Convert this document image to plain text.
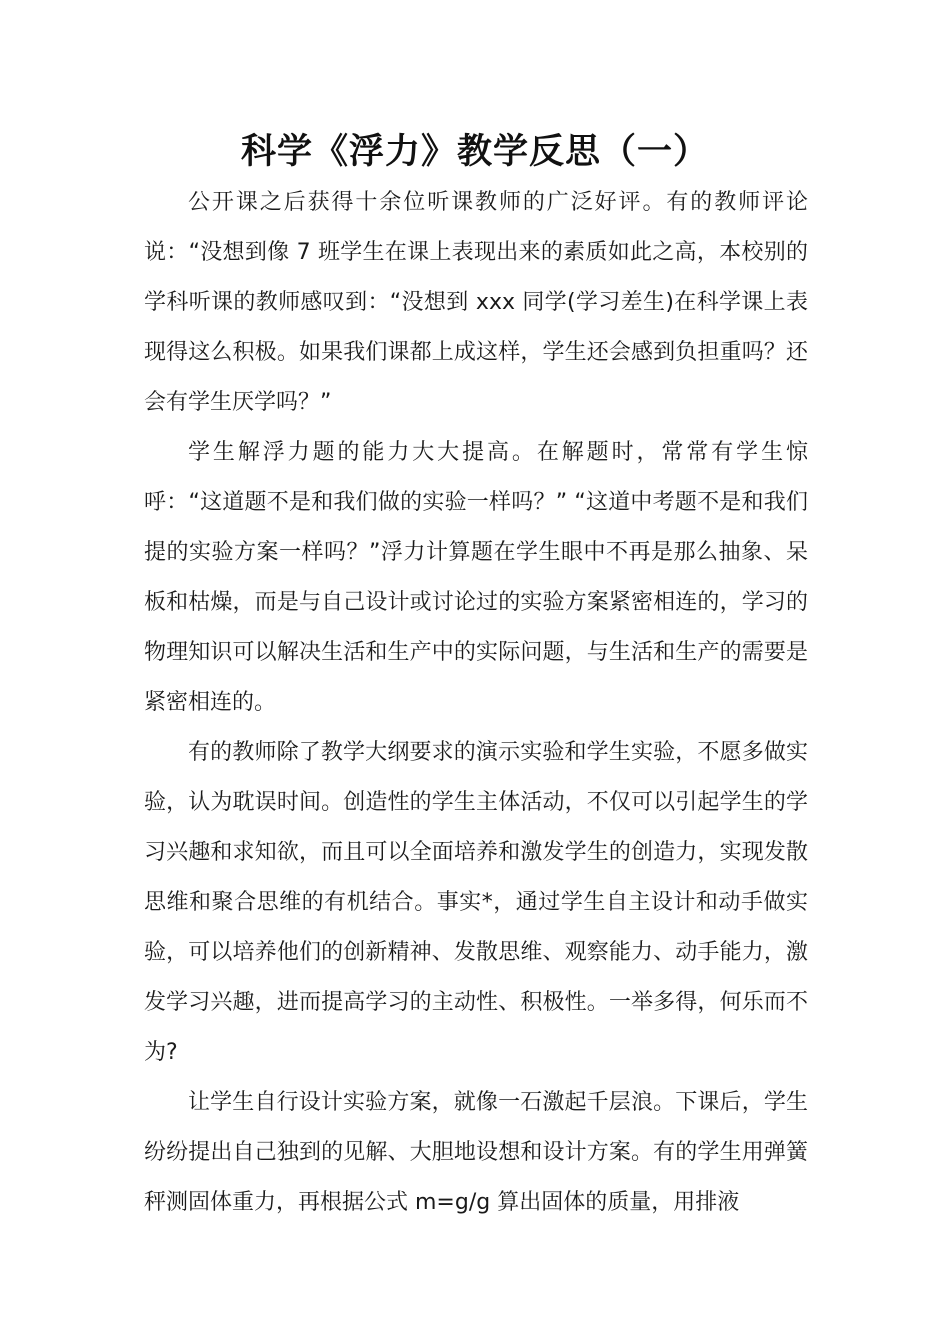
科学《浮力》教学反思（一）

公开课之后获得十余位听课教师的广泛好评。有的教师评论说：“没想到像 7 班学生在课上表现出来的素质如此之高，本校别的学科听课的教师感叹到：“没想到 xxx 同学(学习差生)在科学课上表现得这么积极。如果我们课都上成这样，学生还会感到负担重吗？还会有学生厌学吗？”

学生解浮力题的能力大大提高。在解题时，常常有学生惊呼：“这道题不是和我们做的实验一样吗？” “这道中考题不是和我们提的实验方案一样吗？”浮力计算题在学生眼中不再是那么抽象、呆板和枯燥，而是与自己设计或讨论过的实验方案紧密相连的，学习的物理知识可以解决生活和生产中的实际问题，与生活和生产的需要是紧密相连的。

有的教师除了教学大纲要求的演示实验和学生实验，不愿多做实验，认为耽误时间。创造性的学生主体活动，不仅可以引起学生的学习兴趣和求知欲，而且可以全面培养和激发学生的创造力，实现发散思维和聚合思维的有机结合。事实*，通过学生自主设计和动手做实验，可以培养他们的创新精神、发散思维、观察能力、动手能力，激发学习兴趣，进而提高学习的主动性、积极性。一举多得，何乐而不为?

让学生自行设计实验方案，就像一石激起千层浪。下课后，学生纷纷提出自己独到的见解、大胆地设想和设计方案。有的学生用弹簧秤测固体重力，再根据公式 m=g/g 算出固体的质量，用排液
